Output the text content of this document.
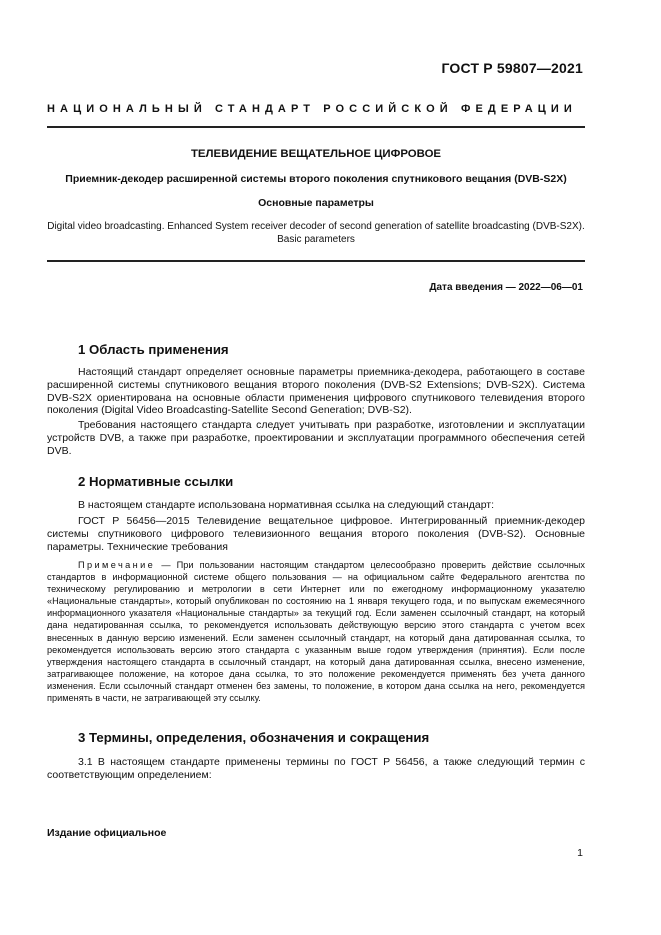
ГОСТ Р 59807—2021
НАЦИОНАЛЬНЫЙ СТАНДАРТ РОССИЙСКОЙ ФЕДЕРАЦИИ
ТЕЛЕВИДЕНИЕ ВЕЩАТЕЛЬНОЕ ЦИФРОВОЕ
Приемник-декодер расширенной системы второго поколения спутникового вещания (DVB-S2X)
Основные параметры
Digital video broadcasting. Enhanced System receiver decoder of second generation of satellite broadcasting (DVB-S2X). Basic parameters
Дата введения — 2022—06—01
1 Область применения
Настоящий стандарт определяет основные параметры приемника-декодера, работающего в составе расширенной системы спутникового вещания второго поколения (DVB-S2 Extensions; DVB-S2X). Система DVB-S2X ориентирована на основные области применения цифрового спутникового телевидения второго поколения (Digital Video Broadcasting-Satellite Second Generation; DVB-S2).
Требования настоящего стандарта следует учитывать при разработке, изготовлении и эксплуатации устройств DVB, а также при разработке, проектировании и эксплуатации программного обеспечения сетей DVB.
2 Нормативные ссылки
В настоящем стандарте использована нормативная ссылка на следующий стандарт:
ГОСТ Р 56456—2015 Телевидение вещательное цифровое. Интегрированный приемник-декодер системы спутникового цифрового телевизионного вещания второго поколения (DVB-S2). Основные параметры. Технические требования
Примечание — При пользовании настоящим стандартом целесообразно проверить действие ссылочных стандартов в информационной системе общего пользования — на официальном сайте Федерального агентства по техническому регулированию и метрологии в сети Интернет или по ежегодному информационному указателю «Национальные стандарты», который опубликован по состоянию на 1 января текущего года, и по выпускам ежемесячного информационного указателя «Национальные стандарты» за текущий год. Если заменен ссылочный стандарт, на который дана недатированная ссылка, то рекомендуется использовать действующую версию этого стандарта с учетом всех внесенных в данную версию изменений. Если заменен ссылочный стандарт, на который дана датированная ссылка, то рекомендуется использовать версию этого стандарта с указанным выше годом утверждения (принятия). Если после утверждения настоящего стандарта в ссылочный стандарт, на который дана датированная ссылка, внесено изменение, затрагивающее положение, на которое дана ссылка, то это положение рекомендуется применять без учета данного изменения. Если ссылочный стандарт отменен без замены, то положение, в котором дана ссылка на него, рекомендуется применять в части, не затрагивающей эту ссылку.
3 Термины, определения, обозначения и сокращения
3.1 В настоящем стандарте применены термины по ГОСТ Р 56456, а также следующий термин с соответствующим определением:
Издание официальное
1
